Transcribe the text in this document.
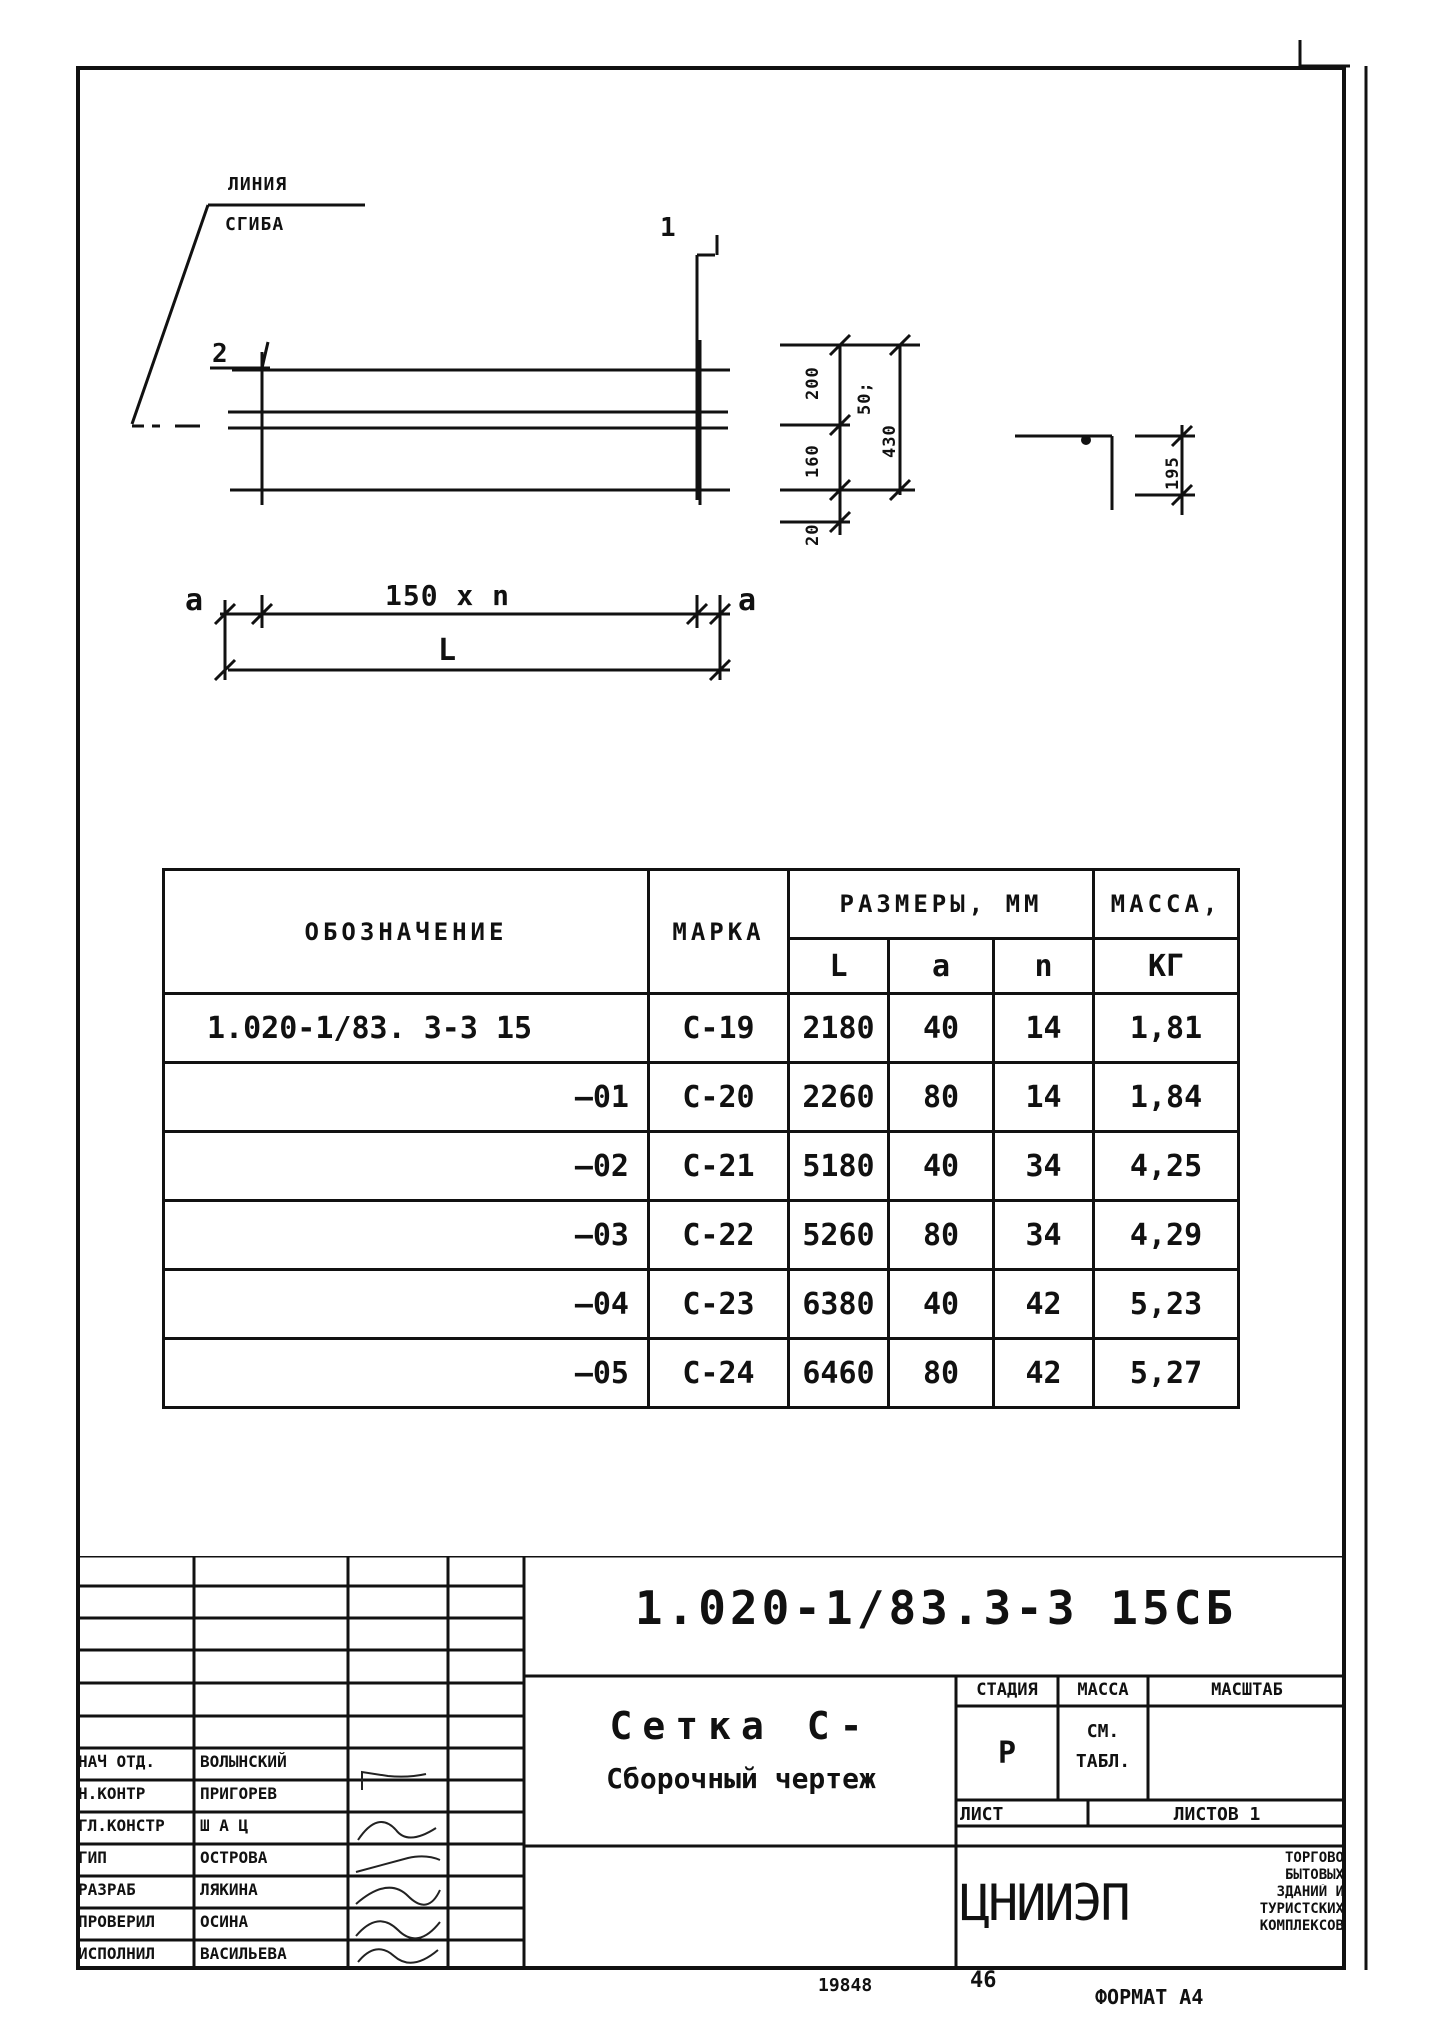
ЛИНИЯ
СГИБА	1
2
a	a
150 x n
L
200 50;
430
160
20
195
ОБОЗНАЧЕНИЕ	МАРКА	РАЗМЕРЫ, ММ			МАССА,
		L	a	n	КГ
1.020-1/83. 3-3 15	С-19	2180	40	14	1,81
—01	С-20	2260	80	14	1,84
—02	С-21	5180	40	34	4,25
—03	С-22	5260	80	34	4,29
—04	С-23	6380	40	42	5,23
—05	С-24	6460	80	42	5,27
1.020-1/83.3-3 15СБ
Сетка С-
Сборочный чертеж
СТАДИЯ	МАССА	МАСШТАБ
Р
СМ.
ТАБЛ.
ЛИСТ	ЛИСТОВ 1
ЦНИИЭП
ТОРГОВО
БЫТОВЫХ
ЗДАНИЙ И
ТУРИСТСКИХ
КОМПЛЕКСОВ
НАЧ ОТД.	ВОЛЫНСКИЙ
Н.КОНТР	ПРИГОРЕВ
ГЛ.КОНСТР	Ш А Ц
ГИП	ОСТРОВА
РАЗРАБ	ЛЯКИНА
ПРОВЕРИЛ	ОСИНА
ИСПОЛНИЛ	ВАСИЛЬЕВА
19848	46
ФОРМАТ А4
